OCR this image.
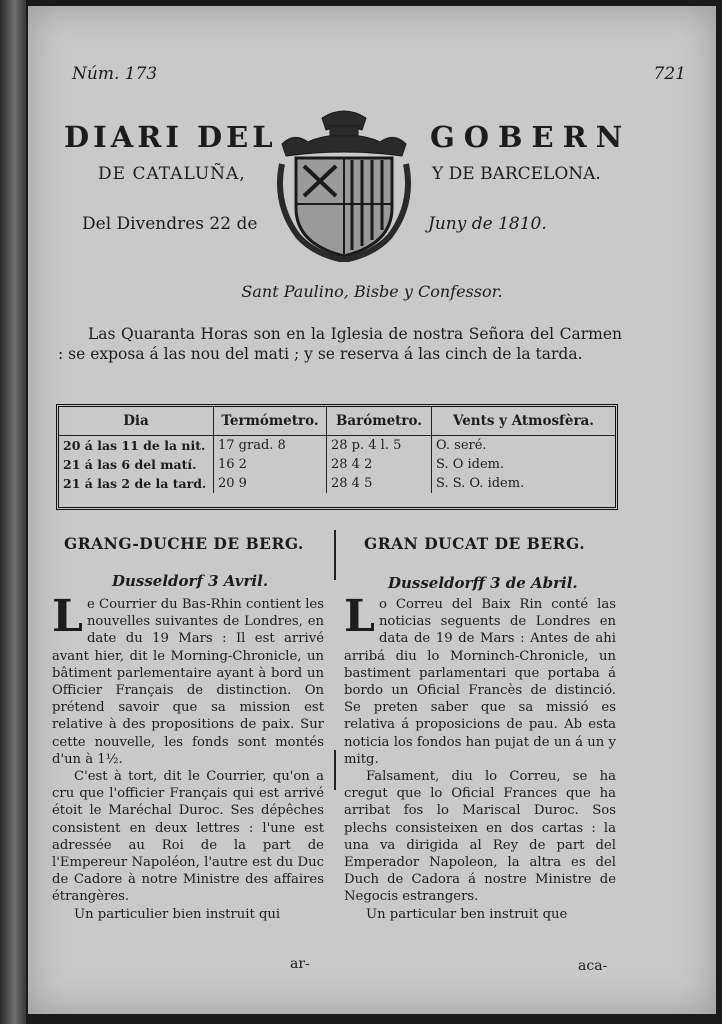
Núm. 173	721
DIARI DEL	GOBERN
DE CATALUÑA,	Y DE BARCELONA.
Del Divendres 22 de	Juny de 1810.
Sant Paulino, Bisbe y Confessor.
Las Quaranta Horas son en la Iglesia de nostra Señora del Carmen : se exposa á las nou del mati ; y se reserva á las cinch de la tarda.
Dia	Termómetro.	Barómetro.	Vents y Atmosfèra.
20 á las 11 de la nit.	17 grad. 8	28 p. 4 l. 5	O. seré.
21 á las 6 del matí.	16 2	28 4 2	S. O idem.
21 á las 2 de la tard.	20 9	28 4 5	S. S. O. idem.
GRANG-DUCHE DE BERG.	GRAN DUCAT DE BERG.
Dusseldorf 3 Avril.	Dusseldorff 3 de Abril.

Le Courrier du Bas-Rhin contient les nouvelles suivantes de Londres, en date du 19 Mars : Il est arrivé avant hier, dit le Morning-Chronicle, un bâtiment parlementaire ayant à bord un Officier Français de distinction. On prétend savoir que sa mission est relative à des propositions de paix. Sur cette nouvelle, les fonds sont montés d'un à 1½.

C'est à tort, dit le Courrier, qu'on a cru que l'officier Français qui est arrivé étoit le Maréchal Duroc. Ses dépêches consistent en deux lettres : l'une est adressée au Roi de la part de l'Empereur Napoléon, l'autre est du Duc de Cadore à notre Ministre des affaires étrangères.

Un particulier bien instruit qui

Lo Correu del Baix Rin conté las noticias seguents de Londres en data de 19 de Mars : Antes de ahi arribá diu lo Morninch-Chronicle, un bastiment parlamentari que portaba á bordo un Oficial Francès de distinció. Se preten saber que sa missió es relativa á proposicions de pau. Ab esta noticia los fondos han pujat de un á un y mitg.

Falsament, diu lo Correu, se ha cregut que lo Oficial Frances que ha arribat fos lo Mariscal Duroc. Sos plechs consisteixen en dos cartas : la una va dirigida al Rey de part del Emperador Napoleon, la altra es del Duch de Cadora á nostre Ministre de Negocis estrangers.

Un particular ben instruit que

ar-	aca-
